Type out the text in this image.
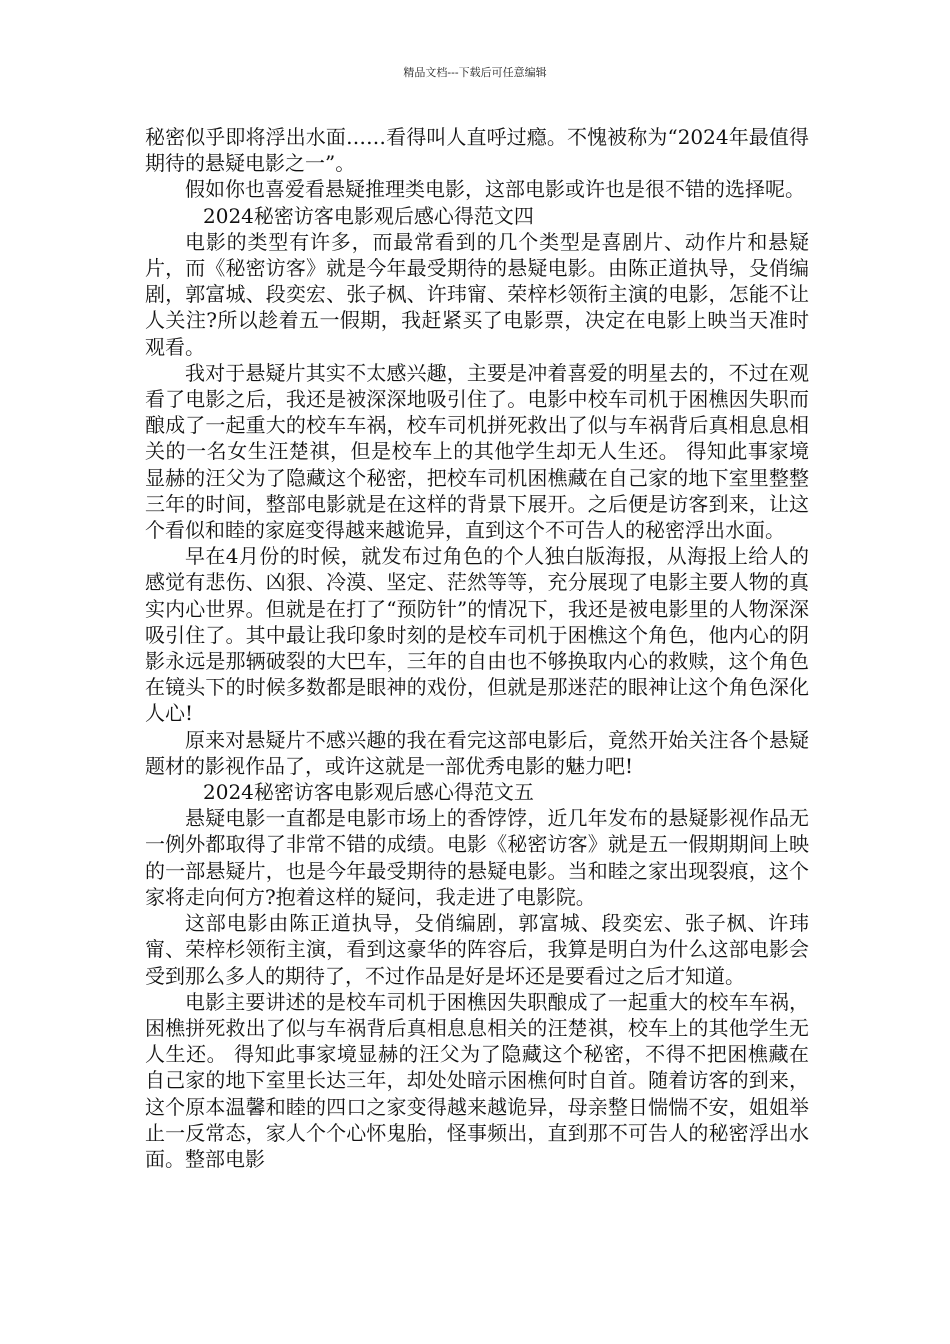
精品文档---下载后可任意编辑

秘密似乎即将浮出水面……看得叫人直呼过瘾。不愧被称为“2024年最值得期待的悬疑电影之一”。

假如你也喜爱看悬疑推理类电影，这部电影或许也是很不错的选择呢。

2024秘密访客电影观后感心得范文四

电影的类型有许多，而最常看到的几个类型是喜剧片、动作片和悬疑片，而《秘密访客》就是今年最受期待的悬疑电影。由陈正道执导，殳俏编剧，郭富城、段奕宏、张子枫、许玮甯、荣梓杉领衔主演的电影，怎能不让人关注?所以趁着五一假期，我赶紧买了电影票，决定在电影上映当天准时观看。

我对于悬疑片其实不太感兴趣，主要是冲着喜爱的明星去的，不过在观看了电影之后，我还是被深深地吸引住了。电影中校车司机于困樵因失职而酿成了一起重大的校车车祸，校车司机拼死救出了似与车祸背后真相息息相关的一名女生汪楚祺，但是校车上的其他学生却无人生还。 得知此事家境显赫的汪父为了隐藏这个秘密，把校车司机困樵藏在自己家的地下室里整整三年的时间，整部电影就是在这样的背景下展开。之后便是访客到来，让这个看似和睦的家庭变得越来越诡异，直到这个不可告人的秘密浮出水面。

早在4月份的时候，就发布过角色的个人独白版海报，从海报上给人的感觉有悲伤、凶狠、冷漠、坚定、茫然等等，充分展现了电影主要人物的真实内心世界。但就是在打了“预防针”的情况下，我还是被电影里的人物深深吸引住了。其中最让我印象时刻的是校车司机于困樵这个角色，他内心的阴影永远是那辆破裂的大巴车，三年的自由也不够换取内心的救赎，这个角色在镜头下的时候多数都是眼神的戏份，但就是那迷茫的眼神让这个角色深化人心!

原来对悬疑片不感兴趣的我在看完这部电影后，竟然开始关注各个悬疑题材的影视作品了，或许这就是一部优秀电影的魅力吧!

2024秘密访客电影观后感心得范文五

悬疑电影一直都是电影市场上的香饽饽，近几年发布的悬疑影视作品无一例外都取得了非常不错的成绩。电影《秘密访客》就是五一假期期间上映的一部悬疑片，也是今年最受期待的悬疑电影。当和睦之家出现裂痕，这个家将走向何方?抱着这样的疑问，我走进了电影院。

这部电影由陈正道执导，殳俏编剧，郭富城、段奕宏、张子枫、许玮甯、荣梓杉领衔主演，看到这豪华的阵容后，我算是明白为什么这部电影会受到那么多人的期待了，不过作品是好是坏还是要看过之后才知道。

电影主要讲述的是校车司机于困樵因失职酿成了一起重大的校车车祸，困樵拼死救出了似与车祸背后真相息息相关的汪楚祺，校车上的其他学生无人生还。 得知此事家境显赫的汪父为了隐藏这个秘密，不得不把困樵藏在自己家的地下室里长达三年，却处处暗示困樵何时自首。随着访客的到来，这个原本温馨和睦的四口之家变得越来越诡异，母亲整日惴惴不安，姐姐举止一反常态，家人个个心怀鬼胎，怪事频出，直到那不可告人的秘密浮出水面。整部电影
